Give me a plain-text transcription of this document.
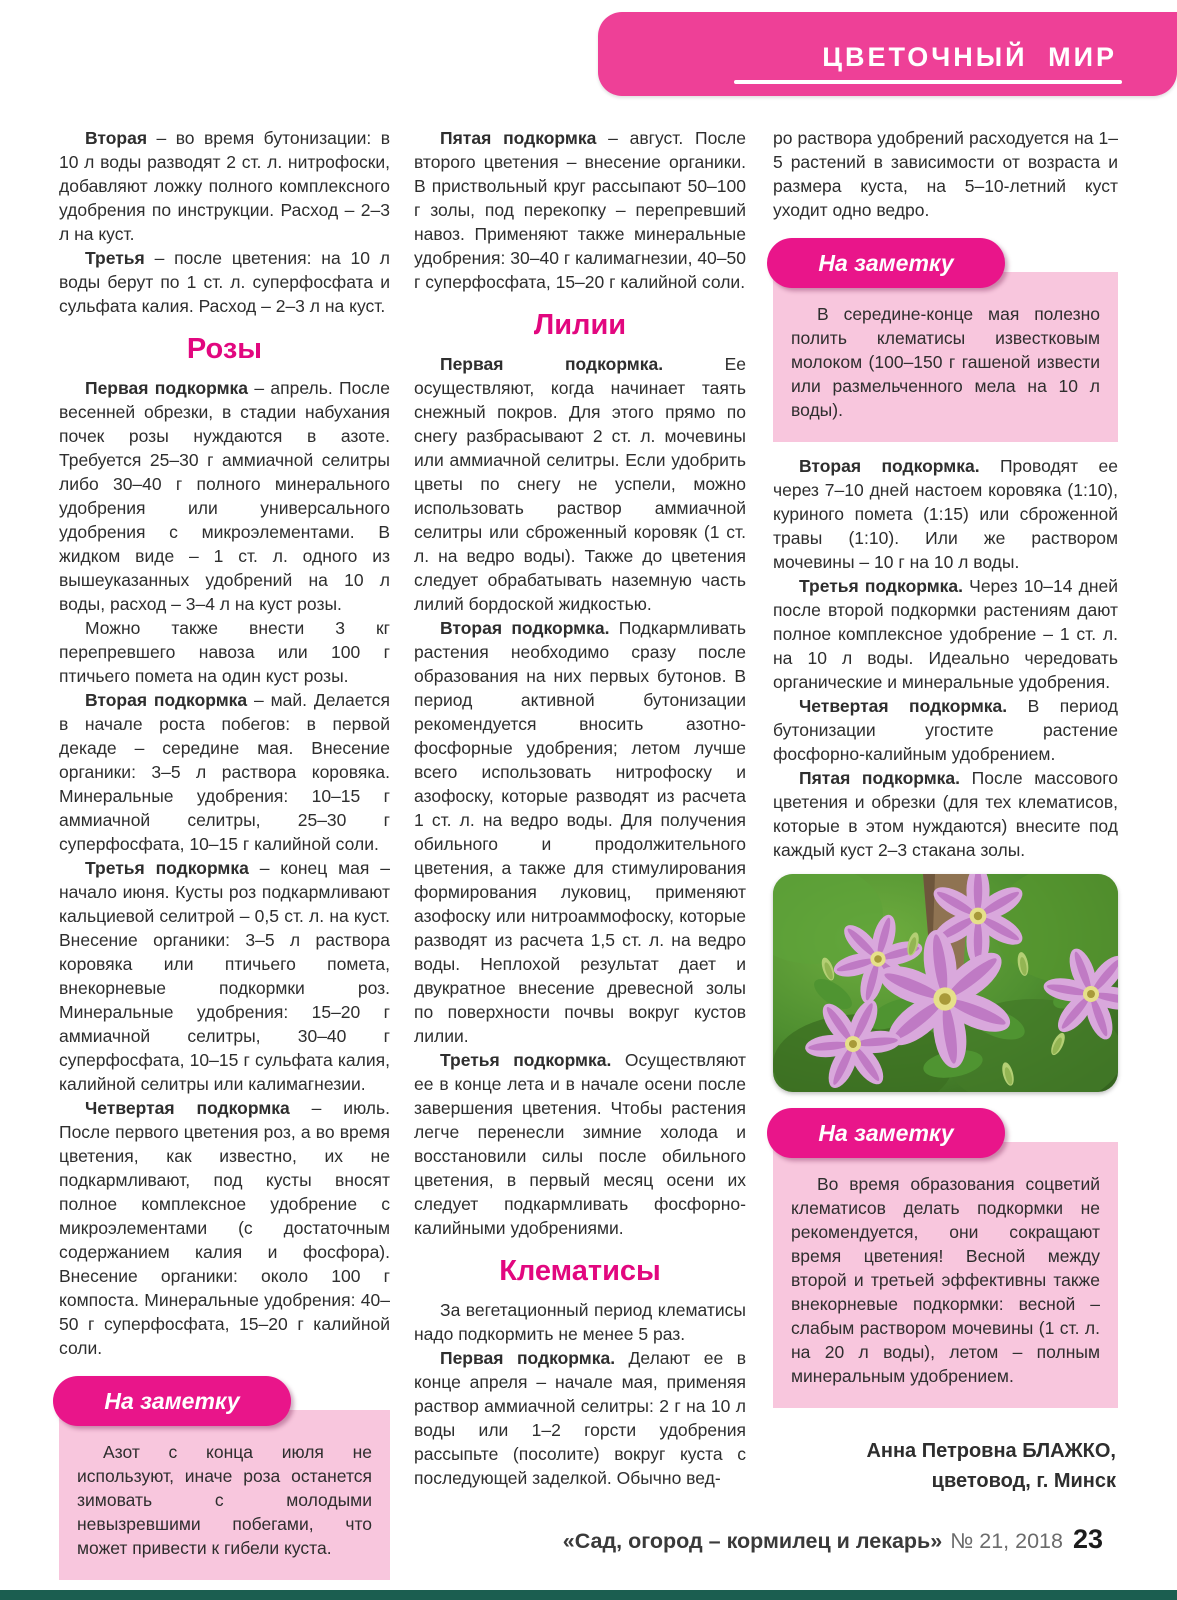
ЦВЕТОЧНЫЙ МИР

Вторая – во время бутонизации: в 10 л воды разводят 2 ст. л. нитрофоски, добавляют ложку полного комплексного удобрения по инструкции. Расход – 2–3 л на куст.

Третья – после цветения: на 10 л воды берут по 1 ст. л. суперфосфата и сульфата калия. Расход – 2–3 л на куст.

Розы

Первая подкормка – апрель. После весенней обрезки, в стадии набухания почек розы нуждаются в азоте. Требуется 25–30 г аммиачной селитры либо 30–40 г полного минерального удобрения или универсального удобрения с микроэлементами. В жидком виде – 1 ст. л. одного из вышеуказанных удобрений на 10 л воды, расход – 3–4 л на куст розы.

Можно также внести 3 кг перепревшего навоза или 100 г птичьего помета на один куст розы.

Вторая подкормка – май. Делается в начале роста побегов: в первой декаде – середине мая. Внесение органики: 3–5 л раствора коровяка. Минеральные удобрения: 10–15 г аммиачной селитры, 25–30 г суперфосфата, 10–15 г калийной соли.

Третья подкормка – конец мая – начало июня. Кусты роз подкармливают кальциевой селитрой – 0,5 ст. л. на куст. Внесение органики: 3–5 л раствора коровяка или птичьего помета, внекорневые подкормки роз. Минеральные удобрения: 15–20 г аммиачной селитры, 30–40 г суперфосфата, 10–15 г сульфата калия, калийной селитры или калимагнезии.

Четвертая подкормка – июль. После первого цветения роз, а во время цветения, как известно, их не подкармливают, под кусты вносят полное комплексное удобрение с микроэлементами (с достаточным содержанием калия и фосфора). Внесение органики: около 100 г компоста. Минеральные удобрения: 40–50 г суперфосфата, 15–20 г калийной соли.

На заметку

Азот с конца июля не используют, иначе роза останется зимовать с молодыми невызревшими побегами, что может привести к гибели куста.

Пятая подкормка – август. После второго цветения – внесение органики. В приствольный круг рассыпают 50–100 г золы, под перекопку – перепревший навоз. Применяют также минеральные удобрения: 30–40 г калимагнезии, 40–50 г суперфосфата, 15–20 г калийной соли.

Лилии

Первая подкормка. Ее осуществляют, когда начинает таять снежный покров. Для этого прямо по снегу разбрасывают 2 ст. л. мочевины или аммиачной селитры. Если удобрить цветы по снегу не успели, можно использовать раствор аммиачной селитры или сброженный коровяк (1 ст. л. на ведро воды). Также до цветения следует обрабатывать наземную часть лилий бордоской жидкостью.

Вторая подкормка. Подкармливать растения необходимо сразу после образования на них первых бутонов. В период активной бутонизации рекомендуется вносить азотно-фосфорные удобрения; летом лучше всего использовать нитрофоску и азофоску, которые разводят из расчета 1 ст. л. на ведро воды. Для получения обильного и продолжительного цветения, а также для стимулирования формирования луковиц, применяют азофоску или нитроаммофоску, которые разводят из расчета 1,5 ст. л. на ведро воды. Неплохой результат дает и двукратное внесение древесной золы по поверхности почвы вокруг кустов лилии.

Третья подкормка. Осуществляют ее в конце лета и в начале осени после завершения цветения. Чтобы растения легче перенесли зимние холода и восстановили силы после обильного цветения, в первый месяц осени их следует подкармливать фосфорно-калийными удобрениями.

Клематисы

За вегетационный период клематисы надо подкормить не менее 5 раз.

Первая подкормка. Делают ее в конце апреля – начале мая, применяя раствор аммиачной селитры: 2 г на 10 л воды или 1–2 горсти удобрения рассыпьте (посолите) вокруг куста с последующей заделкой. Обычно вед-

ро раствора удобрений расходуется на 1–5 растений в зависимости от возраста и размера куста, на 5–10-летний куст уходит одно ведро.

На заметку

В середине-конце мая полезно полить клематисы известковым молоком (100–150 г гашеной извести или размельченного мела на 10 л воды).

Вторая подкормка. Проводят ее через 7–10 дней настоем коровяка (1:10), куриного помета (1:15) или сброженной травы (1:10). Или же раствором мочевины – 10 г на 10 л воды.

Третья подкормка. Через 10–14 дней после второй подкормки растениям дают полное комплексное удобрение – 1 ст. л. на 10 л воды. Идеально чередовать органические и минеральные удобрения.

Четвертая подкормка. В период бутонизации угостите растение фосфорно-калийным удобрением.

Пятая подкормка. После массового цветения и обрезки (для тех клематисов, которые в этом нуждаются) внесите под каждый куст 2–3 стакана золы.

На заметку

Во время образования соцветий клематисов делать подкормки не рекомендуется, они сокращают время цветения! Весной между второй и третьей эффективны также внекорневые подкормки: весной – слабым раствором мочевины (1 ст. л. на 20 л воды), летом – полным минеральным удобрением.

Анна Петровна БЛАЖКО,

цветовод, г. Минск

«Сад, огород – кормилец и лекарь» № 21, 2018 23
